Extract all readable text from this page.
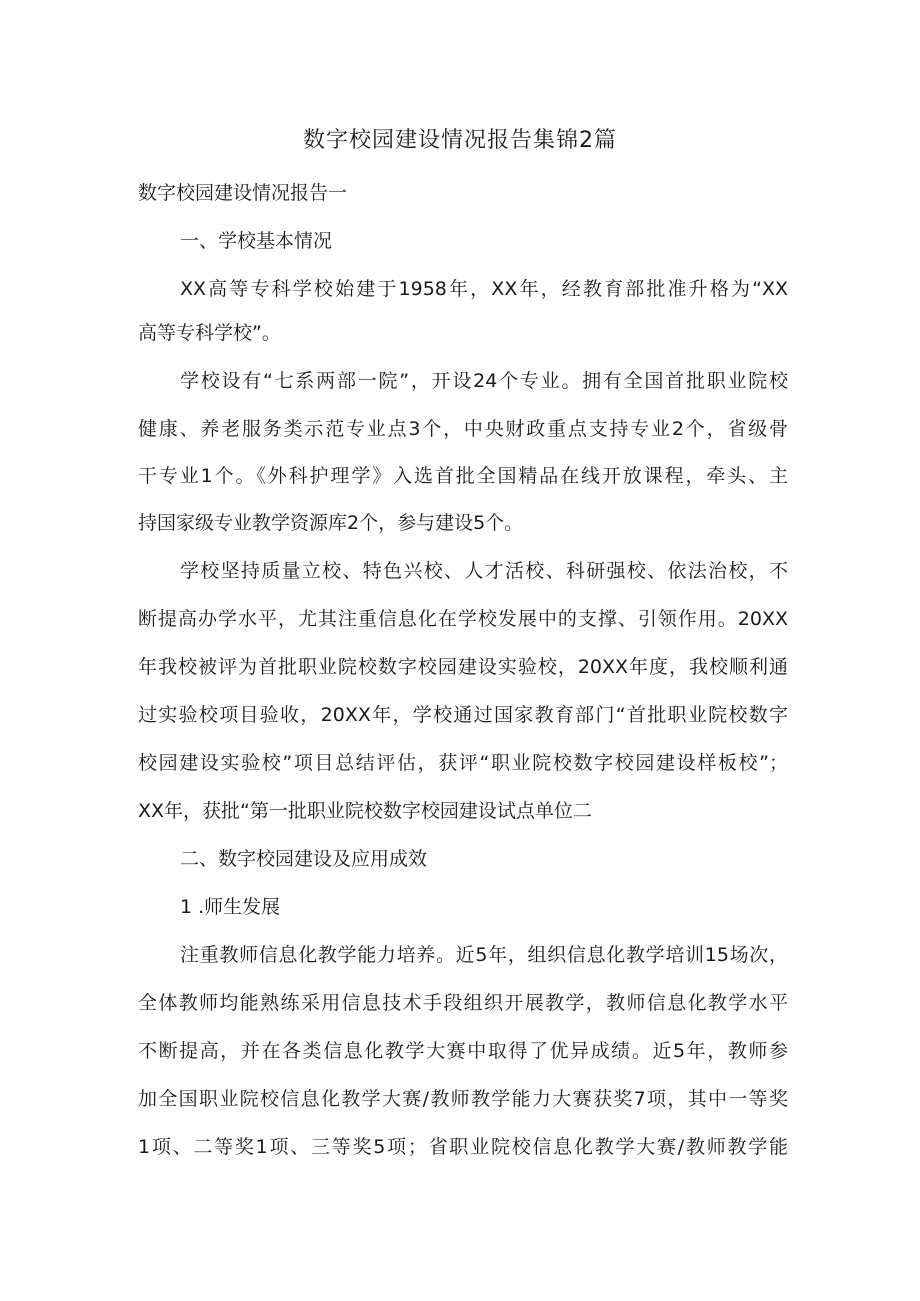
数字校园建设情况报告集锦2篇
数字校园建设情况报告一
一、学校基本情况
XX高等专科学校始建于1958年，XX年，经教育部批准升格为“XX
高等专科学校”。
学校设有“七系两部一院”，开设24个专业。拥有全国首批职业院校
健康、养老服务类示范专业点3个，中央财政重点支持专业2个，省级骨
干专业1个。《外科护理学》入选首批全国精品在线开放课程，牵头、主
持国家级专业教学资源库2个，参与建设5个。
学校坚持质量立校、特色兴校、人才活校、科研强校、依法治校，不
断提高办学水平，尤其注重信息化在学校发展中的支撑、引领作用。20XX
年我校被评为首批职业院校数字校园建设实验校，20XX年度，我校顺利通
过实验校项目验收，20XX年，学校通过国家教育部门“首批职业院校数字
校园建设实验校”项目总结评估，获评“职业院校数字校园建设样板校”；
XX年，获批“第一批职业院校数字校园建设试点单位二
二、数字校园建设及应用成效
1 .师生发展
注重教师信息化教学能力培养。近5年，组织信息化教学培训15场次，
全体教师均能熟练采用信息技术手段组织开展教学，教师信息化教学水平
不断提高，并在各类信息化教学大赛中取得了优异成绩。近5年，教师参
加全国职业院校信息化教学大赛/教师教学能力大赛获奖7项，其中一等奖
1项、二等奖1项、三等奖5项；省职业院校信息化教学大赛/教师教学能
